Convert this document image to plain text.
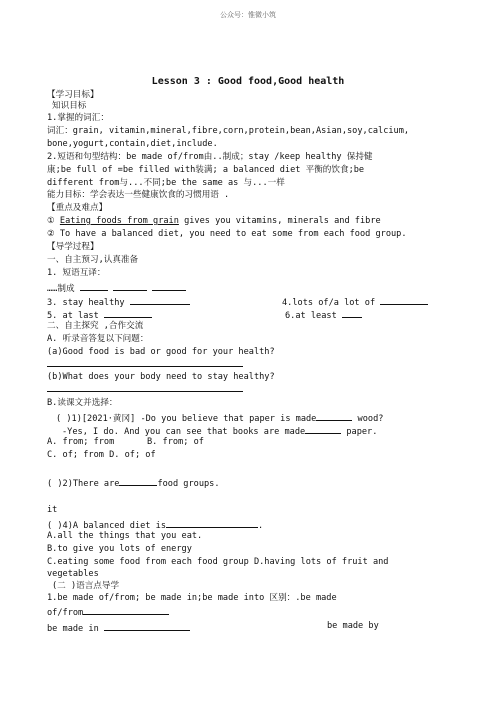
公众号：惟微小筑
Lesson 3 : Good food,Good health
【学习目标】
知识目标
1.掌握的词汇：
词汇：grain, vitamin,mineral,fibre,corn,protein,bean,Asian,soy,calcium,
bone,yogurt,contain,diet,include.
2.短语和句型结构：be made of/from由..制成；stay /keep healthy 保持健
康;be full of =be filled with装满; a balanced diet 平衡的饮食;be
different from与...不同;be the same as 与...一样
能力目标：学会表达一些健康饮食的习惯用语 .
【重点及难点】
① Eating foods from grain gives you vitamins, minerals and fibre
② To have a balanced diet, you need to eat some from each food group.
【导学过程】
一、自主预习,认真准备
1. 短语互译：
……制成
3. stay healthy	4.lots of/a lot of
5. at last	6.at least
二、自主探究 ,合作交流
A. 听录音答复以下问题：
(a)Good food is bad or good for your health?
(b)What does your body need to stay healthy?
B.读课文并选择：
( )1)[2021·黄冈] -Do you believe that paper is made	wood?
-Yes, I do. And you can see that books are made	paper.
A. from; from	B. from; of
C. of; from D. of; of
( )2)There are	food groups.
it
( )4)A balanced diet is	.
A.all the things that you eat.
B.to give you lots of energy
C.eating some food from each food group D.having lots of fruit and
vegetables
(二 )语言点导学
1.be made of/from; be made in;be made into 区别：.be made
of/from
be made in	be made by
